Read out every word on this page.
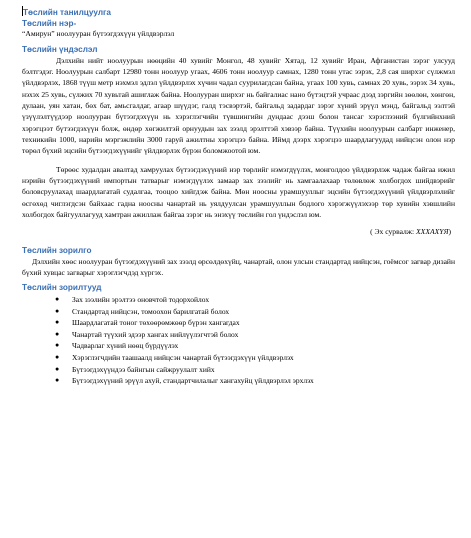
Төслийн танилцуулга

Төслийн нэр-

“Амирун” ноолууран бүтээгдэхүүн үйлдвэрлэл

Төслийн үндэслэл

Дэлхийн нийт ноолуурын нөөцийн 40 хувийг Монгол, 48 хувийг Хятад, 12 хувийг Иран, Афганистан зэрэг улсууд бэлтгэдэг. Ноолуурын салбарт 12980 тонн ноолуур угаах, 4606 тонн ноолуур самнах, 1280 тонн утас ээрэх, 2,8 сая ширхэг сүлжмэл үйлдвэрлэх, 1868 түүш метр нэхмэл эдлэл үйлдвэрлэх хүчин чадал суурилагдсан байна, угаах 100 хувь, самнах 20 хувь, ээрэх 34 хувь, нэхэх 25 хувь, сүлжих 70 хувьтай ашиглаж байна. Ноолууран ширхэг нь байгалиас нано бүтэцтэй учраас дээд зэргийн зөөлөн, хөнгөн, дулаан, уян хатан, бөх бат, амьсгалдаг, агаар шүүдэг, галд тэсвэртэй, байгальд задардаг зэрэг хүний эрүүл мэнд, байгальд ээлтэй үзүүлэлтүүдээр ноолууран бүтээгдэхүүн нь хэрэглэгчийн түвшингийн дундаас дээш болон тансаг хэрэглээний бүлгийнхний хэрэгцээт бүтээгдэхүүн болж, өндөр хөгжилтэй орнуудын зах зээлд эрэлттэй хэвээр байна. Түүхийн ноолуурын салбарт инженер, техникийн 1000, нарийн мэргэжлийн 3000 гаруй ажилтны хэрэгцээ байна. Иймд дээрх хэрэгцээ шаардлагуудад нийцсэн олон нэр төрөл бүхий эцсийн бүтээгдэхүүнийг үйлдвэрлэх бүрэн боломжоотой юм.

Төрөөс худалдан авалтад хамруулах бүтээгдэхүүний нэр төрлийг нэмэгдүүлэх, монголдоо үйлдвэрлэж чадаж байгаа ижил нэрийн бүтээгдэхүүний импортын татварыг нэмэгдүүлэх замаар зах зээлийг нь хамгаалахаар төлөвлөж холбогдох шийдвэрийг боловсруулахад шаардлагатай судалгаа, тооцоо хийгдэж байна. Мөн ноосны урамшууллыг эцсийн бүтээгдэхүүний үйлдвэрлэлийг өсгөхөд чиглэгдсэн байхаас гадна ноосны чанартай нь уялдуулсан урамшууллын бодлого хэрэгжүүлэхээр төр хувийн хэвшлийн холбогдох байгууллагууд хамтран ажиллаж байгаа зэрэг нь энэхүү төслийн гол үндэслэл юм.

( Эх сурвалж: XXXAXYЯ)

Төслийн зорилго

Дэлхийн хөөс ноолууран бүтээгдэхүүний зах зээлд өрсөлдөхүйц, чанартай, олон улсын стандартад нийцсэн, гоёмсог загвар дизайн бүхий хувцас загварыг хэрэглэгчдэд хүргэх.

Төслийн зорилтууд

● Зах зээлийн эрэлтээ оновчтой тодорхойлох
● Стандартад нийцсэн, томоохон барилгатай болох
● Шаардлагатай тоног төхөөрөмжөөр бүрэн хангагдах
● Чанартай түүхий эдээр хангах нийлүүлэгчтэй болох
● Чадварлаг хүний нөөц бүрдүүлэх
● Хэрэглэгчдийн таашаалд нийцсэн чанартай бүтээгдэхүүн үйлдвэрлэх
● Бүтээгдэхүүндээ байнгын сайжруулалт хийх
● Бүтээгдэхүүний эрүүл ахуй, стандартчилалыг хангахуйц үйлдвэрлэл эрхлэх
